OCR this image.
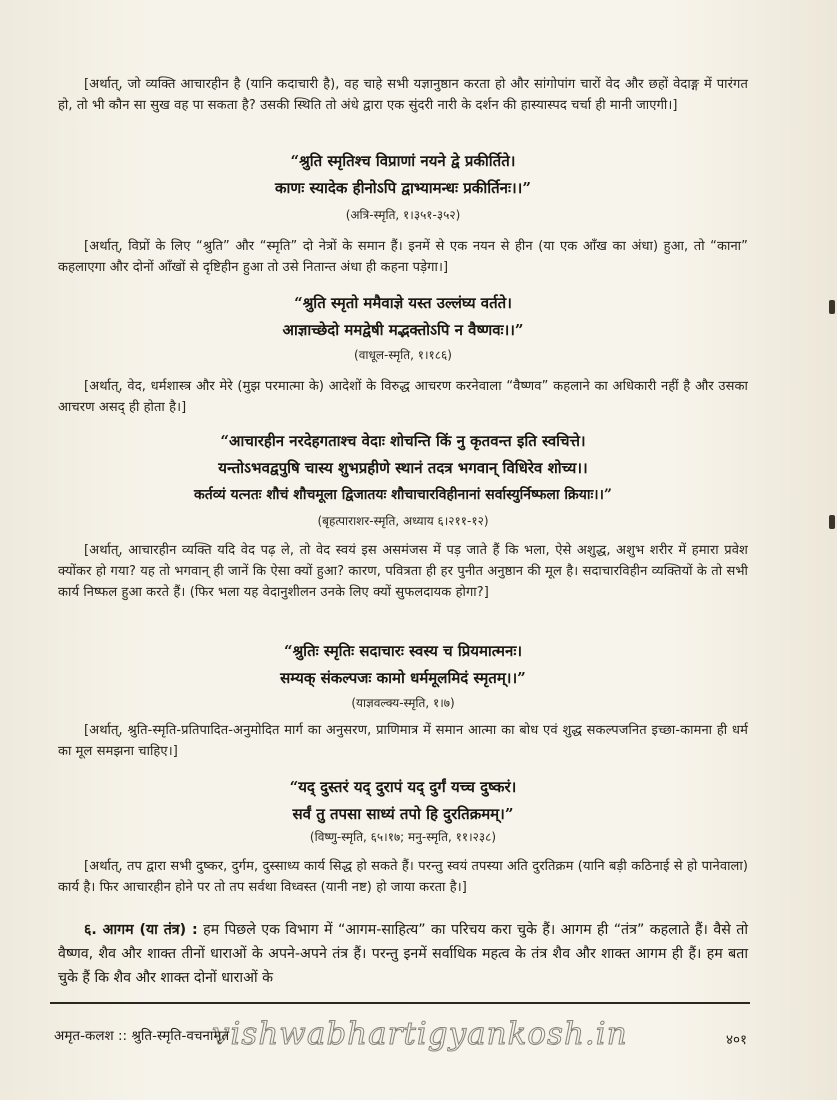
[अर्थात्, जो व्यक्ति आचारहीन है (यानि कदाचारी है), वह चाहे सभी यज्ञानुष्ठान करता हो और सांगोपांग चारों वेद और छहों वेदाङ्ग में पारंगत हो, तो भी कौन सा सुख वह पा सकता है? उसकी स्थिति तो अंधे द्वारा एक सुंदरी नारी के दर्शन की हास्यास्पद चर्चा ही मानी जाएगी।]
“श्रुति स्मृतिश्च विप्राणां नयने द्वे प्रकीर्तिते।
काणः स्यादेक हीनोऽपि द्वाभ्यामन्धः प्रकीर्तिनः।।”
(अत्रि-स्मृति, १।३५१-३५२)
[अर्थात्, विप्रों के लिए “श्रुति” और “स्मृति” दो नेत्रों के समान हैं। इनमें से एक नयन से हीन (या एक आँख का अंधा) हुआ, तो “काना” कहलाएगा और दोनों आँखों से दृष्टिहीन हुआ तो उसे नितान्त अंधा ही कहना पड़ेगा।]
“श्रुति स्मृतो ममैवाज्ञे यस्त उल्लंघ्य वर्तते।
आज्ञाच्छेदो ममद्वेषी मद्भक्तोऽपि न वैष्णवः।।”
(वाधूल-स्मृति, १।१८६)
[अर्थात्, वेद, धर्मशास्त्र और मेरे (मुझ परमात्मा के) आदेशों के विरुद्ध आचरण करनेवाला “वैष्णव” कहलाने का अधिकारी नहीं है और उसका आचरण असद् ही होता है।]
“आचारहीन नरदेहगताश्च वेदाः शोचन्ति किं नु कृतवन्त इति स्वचित्ते।
यन्तोऽभवद्वपुषि चास्य शुभप्रहीणे स्थानं तदत्र भगवान् विधिरेव शोच्य।।
कर्तव्यं यत्नतः शौचं शौचमूला द्विजातयः शौचाचारविहीनानां सर्वास्युर्निष्फला क्रियाः।।”
(बृहत्पाराशर-स्मृति, अध्याय ६।२११-१२)
[अर्थात्, आचारहीन व्यक्ति यदि वेद पढ़ ले, तो वेद स्वयं इस असमंजस में पड़ जाते हैं कि भला, ऐसे अशुद्ध, अशुभ शरीर में हमारा प्रवेश क्योंकर हो गया? यह तो भगवान् ही जानें कि ऐसा क्यों हुआ? कारण, पवित्रता ही हर पुनीत अनुष्ठान की मूल है। सदाचारविहीन व्यक्तियों के तो सभी कार्य निष्फल हुआ करते हैं। (फिर भला यह वेदानुशीलन उनके लिए क्यों सुफलदायक होगा?]
“श्रुतिः स्मृतिः सदाचारः स्वस्य च प्रियमात्मनः।
सम्यक् संकल्पजः कामो धर्ममूलमिदं स्मृतम्।।”
(याज्ञवल्क्य-स्मृति, १।७)
[अर्थात्, श्रुति-स्मृति-प्रतिपादित-अनुमोदित मार्ग का अनुसरण, प्राणिमात्र में समान आत्मा का बोध एवं शुद्ध सकल्पजनित इच्छा-कामना ही धर्म का मूल समझना चाहिए।]
“यद् दुस्तरं यद् दुरापं यद् दुर्गं यच्च दुष्करं।
सर्वं तु तपसा साध्यं तपो हि दुरतिक्रमम्।”
(विष्णु-स्मृति, ६५।१७; मनु-स्मृति, ११।२३८)
[अर्थात्, तप द्वारा सभी दुष्कर, दुर्गम, दुस्साध्य कार्य सिद्ध हो सकते हैं। परन्तु स्वयं तपस्या अति दुरतिक्रम (यानि बड़ी कठिनाई से हो पानेवाला) कार्य है। फिर आचारहीन होने पर तो तप सर्वथा विध्वस्त (यानी नष्ट) हो जाया करता है।]
६. आगम (या तंत्र) : हम पिछले एक विभाग में “आगम-साहित्य” का परिचय करा चुके हैं। आगम ही “तंत्र” कहलाते हैं। वैसे तो वैष्णव, शैव और शाक्त तीनों धाराओं के अपने-अपने तंत्र हैं। परन्तु इनमें सर्वाधिक महत्व के तंत्र शैव और शाक्त आगम ही हैं। हम बता चुके हैं कि शैव और शाक्त दोनों धाराओं के
अमृत-कलश :: श्रुति-स्मृति-वचनामृत
vishwabhartigyankosh.in	४०१
